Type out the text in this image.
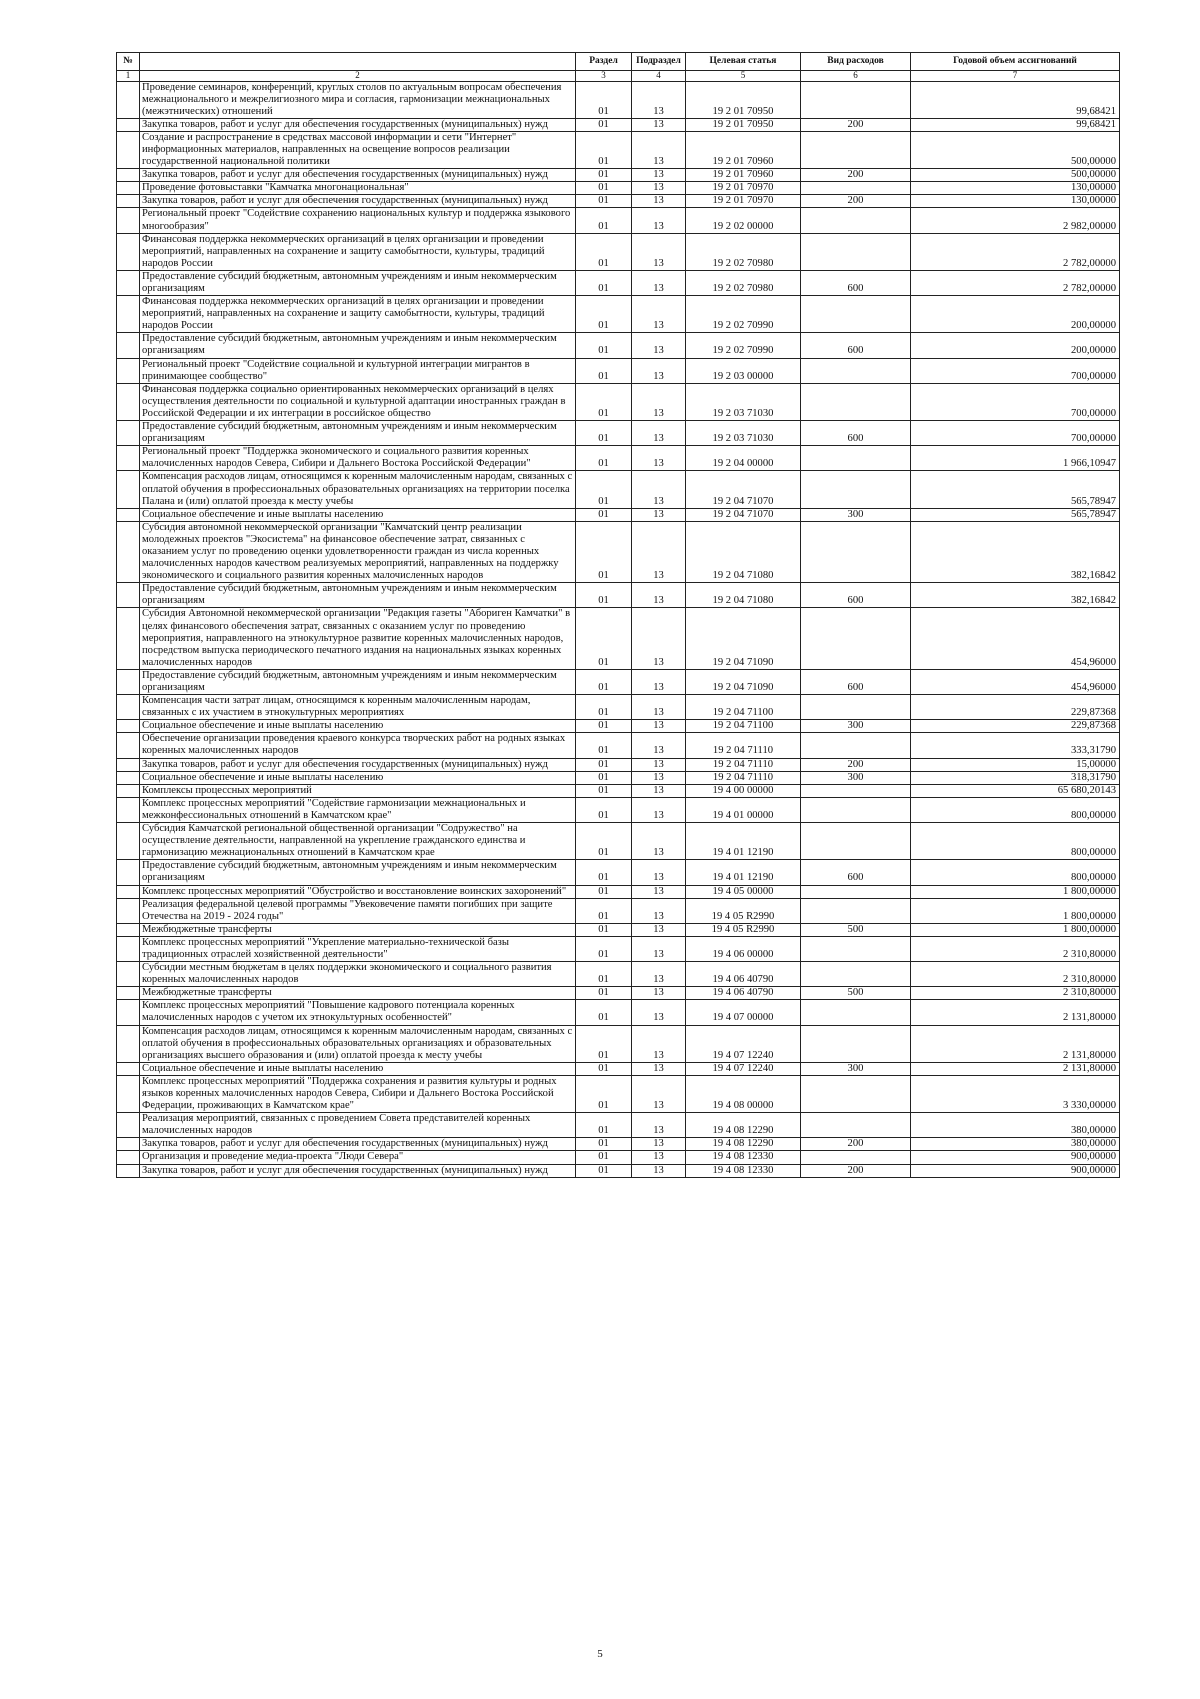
№		Раздел	Подраздел	Целевая статья	Вид расходов	Годовой объем ассигнований
1	2	3	4	5	6	7
	Проведение семинаров, конференций, круглых столов по актуальным вопросам обеспечения межнационального и межрелигиозного мира и согласия, гармонизации межнациональных (межэтнических) отношений	01	13	19 2 01 70950		99,68421
	Закупка товаров, работ и услуг для обеспечения государственных (муниципальных) нужд	01	13	19 2 01 70950	200	99,68421
	Создание и распространение в средствах массовой информации и сети "Интернет" информационных материалов, направленных на освещение вопросов реализации государственной национальной политики	01	13	19 2 01 70960		500,00000
	Закупка товаров, работ и услуг для обеспечения государственных (муниципальных) нужд	01	13	19 2 01 70960	200	500,00000
	Проведение фотовыставки "Камчатка многонациональная"	01	13	19 2 01 70970		130,00000
	Закупка товаров, работ и услуг для обеспечения государственных (муниципальных) нужд	01	13	19 2 01 70970	200	130,00000
	Региональный проект "Содействие сохранению национальных культур и поддержка языкового многообразия"	01	13	19 2 02 00000		2 982,00000
	Финансовая поддержка некоммерческих организаций в целях организации и проведении мероприятий, направленных на сохранение и защиту самобытности, культуры, традиций народов России	01	13	19 2 02 70980		2 782,00000
	Предоставление субсидий бюджетным, автономным учреждениям и иным некоммерческим организациям	01	13	19 2 02 70980	600	2 782,00000
	Финансовая поддержка некоммерческих организаций в целях организации и проведении мероприятий, направленных на сохранение и защиту самобытности, культуры, традиций народов России	01	13	19 2 02 70990		200,00000
	Предоставление субсидий бюджетным, автономным учреждениям и иным некоммерческим организациям	01	13	19 2 02 70990	600	200,00000
	Региональный проект "Содействие социальной и культурной интеграции мигрантов в принимающее сообщество"	01	13	19 2 03 00000		700,00000
	Финансовая поддержка социально ориентированных некоммерческих организаций в целях осуществления деятельности по социальной и культурной адаптации иностранных граждан в Российской Федерации и их интеграции в российское общество	01	13	19 2 03 71030		700,00000
	Предоставление субсидий бюджетным, автономным учреждениям и иным некоммерческим организациям	01	13	19 2 03 71030	600	700,00000
	Региональный проект "Поддержка экономического и социального развития коренных малочисленных народов Севера, Сибири и Дальнего Востока Российской Федерации"	01	13	19 2 04 00000		1 966,10947
	Компенсация расходов лицам, относящимся к коренным малочисленным народам, связанных с оплатой обучения в профессиональных образовательных организациях на территории поселка Палана и (или) оплатой проезда к месту учебы	01	13	19 2 04 71070		565,78947
	Социальное обеспечение и иные выплаты населению	01	13	19 2 04 71070	300	565,78947
	Субсидия автономной некоммерческой организации "Камчатский центр реализации молодежных проектов "Экосистема" на финансовое обеспечение затрат, связанных с оказанием услуг по проведению оценки удовлетворенности граждан из числа коренных малочисленных народов качеством реализуемых мероприятий, направленных на поддержку экономического и социального развития коренных малочисленных народов	01	13	19 2 04 71080		382,16842
	Предоставление субсидий бюджетным, автономным учреждениям и иным некоммерческим организациям	01	13	19 2 04 71080	600	382,16842
	Субсидия Автономной некоммерческой организации "Редакция газеты "Абориген Камчатки" в целях финансового обеспечения затрат, связанных с оказанием услуг по проведению мероприятия, направленного на этнокультурное развитие коренных малочисленных народов, посредством выпуска периодического печатного издания на национальных языках коренных малочисленных народов	01	13	19 2 04 71090		454,96000
	Предоставление субсидий бюджетным, автономным учреждениям и иным некоммерческим организациям	01	13	19 2 04 71090	600	454,96000
	Компенсация части затрат лицам, относящимся к коренным малочисленным народам, связанных с их участием в этнокультурных мероприятиях	01	13	19 2 04 71100		229,87368
	Социальное обеспечение и иные выплаты населению	01	13	19 2 04 71100	300	229,87368
	Обеспечение организации проведения краевого конкурса творческих работ на родных языках коренных малочисленных народов	01	13	19 2 04 71110		333,31790
	Закупка товаров, работ и услуг для обеспечения государственных (муниципальных) нужд	01	13	19 2 04 71110	200	15,00000
	Социальное обеспечение и иные выплаты населению	01	13	19 2 04 71110	300	318,31790
	Комплексы процессных мероприятий	01	13	19 4 00 00000		65 680,20143
	Комплекс процессных мероприятий "Содействие гармонизации межнациональных и межконфессиональных отношений в Камчатском крае"	01	13	19 4 01 00000		800,00000
	Субсидия Камчатской региональной общественной организации "Содружество" на осуществление деятельности, направленной на укрепление гражданского единства и гармонизацию межнациональных отношений в Камчатском крае	01	13	19 4 01 12190		800,00000
	Предоставление субсидий бюджетным, автономным учреждениям и иным некоммерческим организациям	01	13	19 4 01 12190	600	800,00000
	Комплекс процессных мероприятий "Обустройство и восстановление воинских захоронений"	01	13	19 4 05 00000		1 800,00000
	Реализация федеральной целевой программы "Увековечение памяти погибших при защите Отечества на 2019 - 2024 годы"	01	13	19 4 05 R2990		1 800,00000
	Межбюджетные трансферты	01	13	19 4 05 R2990	500	1 800,00000
	Комплекс процессных мероприятий "Укрепление материально-технической базы традиционных отраслей хозяйственной деятельности"	01	13	19 4 06 00000		2 310,80000
	Субсидии местным бюджетам в целях поддержки экономического и социального развития коренных малочисленных народов	01	13	19 4 06 40790		2 310,80000
	Межбюджетные трансферты	01	13	19 4 06 40790	500	2 310,80000
	Комплекс процессных мероприятий "Повышение кадрового потенциала коренных малочисленных народов с учетом их этнокультурных особенностей"	01	13	19 4 07 00000		2 131,80000
	Компенсация расходов лицам, относящимся к коренным малочисленным народам, связанных с оплатой обучения в профессиональных образовательных организациях и образовательных организациях высшего образования и (или) оплатой проезда к месту учебы	01	13	19 4 07 12240		2 131,80000
	Социальное обеспечение и иные выплаты населению	01	13	19 4 07 12240	300	2 131,80000
	Комплекс процессных мероприятий "Поддержка сохранения и развития культуры и родных языков коренных малочисленных народов Севера, Сибири и Дальнего Востока Российской Федерации, проживающих в Камчатском крае"	01	13	19 4 08 00000		3 330,00000
	Реализация мероприятий, связанных с проведением Совета представителей коренных малочисленных народов	01	13	19 4 08 12290		380,00000
	Закупка товаров, работ и услуг для обеспечения государственных (муниципальных) нужд	01	13	19 4 08 12290	200	380,00000
	Организация и проведение медиа-проекта "Люди Севера"	01	13	19 4 08 12330		900,00000
	Закупка товаров, работ и услуг для обеспечения государственных (муниципальных) нужд	01	13	19 4 08 12330	200	900,00000
5
